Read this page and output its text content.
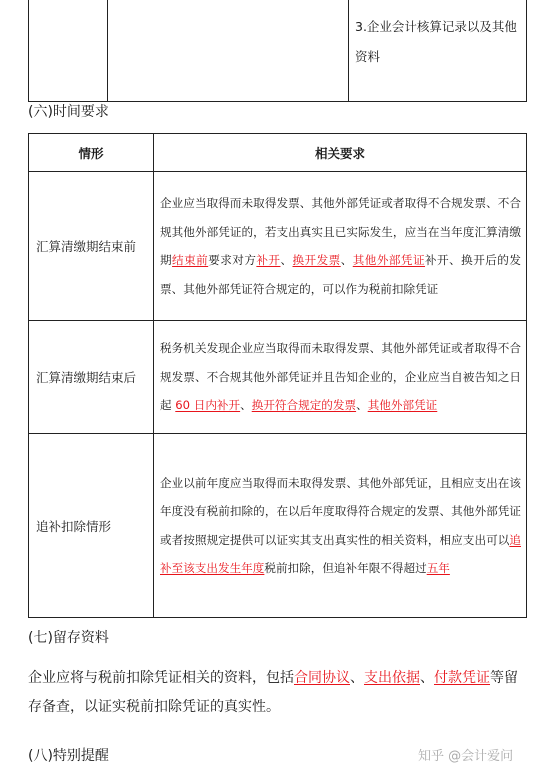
		3.企业会计核算记录以及其他资料
(六)时间要求
情形	相关要求
汇算清缴期结束前	企业应当取得而未取得发票、其他外部凭证或者取得不合规发票、不合规其他外部凭证的，若支出真实且已实际发生，应当在当年度汇算清缴期结束前要求对方补开、换开发票、其他外部凭证补开、换开后的发票、其他外部凭证符合规定的，可以作为税前扣除凭证
汇算清缴期结束后	税务机关发现企业应当取得而未取得发票、其他外部凭证或者取得不合规发票、不合规其他外部凭证并且告知企业的，企业应当自被告知之日起 60 日内补开、换开符合规定的发票、其他外部凭证
追补扣除情形	企业以前年度应当取得而未取得发票、其他外部凭证，且相应支出在该年度没有税前扣除的，在以后年度取得符合规定的发票、其他外部凭证或者按照规定提供可以证实其支出真实性的相关资料，相应支出可以追补至该支出发生年度税前扣除，但追补年限不得超过五年
(七)留存资料
企业应将与税前扣除凭证相关的资料，包括合同协议、支出依据、付款凭证等留存备查，以证实税前扣除凭证的真实性。
(八)特别提醒	知乎 @会计爱问
